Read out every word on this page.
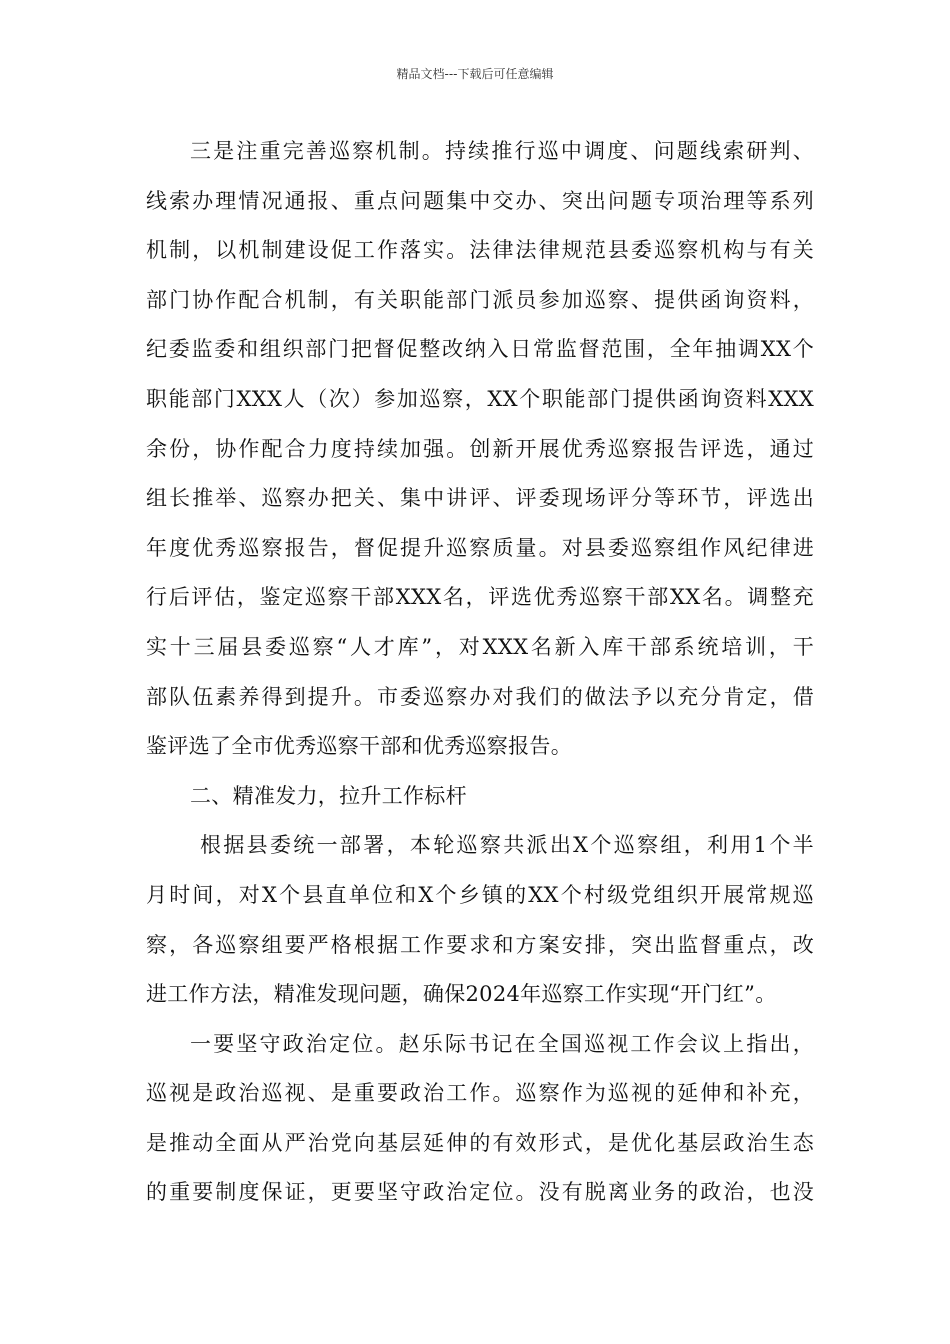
精品文档---下载后可任意编辑
三是注重完善巡察机制。持续推行巡中调度、问题线索研判、
线索办理情况通报、重点问题集中交办、突出问题专项治理等系列
机制，以机制建设促工作落实。法律法律规范县委巡察机构与有关
部门协作配合机制，有关职能部门派员参加巡察、提供函询资料，
纪委监委和组织部门把督促整改纳入日常监督范围，全年抽调XX个
职能部门XXX人（次）参加巡察，XX个职能部门提供函询资料XXX
余份，协作配合力度持续加强。创新开展优秀巡察报告评选，通过
组长推举、巡察办把关、集中讲评、评委现场评分等环节，评选出
年度优秀巡察报告，督促提升巡察质量。对县委巡察组作风纪律进
行后评估，鉴定巡察干部XXX名，评选优秀巡察干部XX名。调整充
实十三届县委巡察“人才库”，对XXX名新入库干部系统培训，干
部队伍素养得到提升。市委巡察办对我们的做法予以充分肯定，借
鉴评选了全市优秀巡察干部和优秀巡察报告。
二、精准发力，拉升工作标杆
根据县委统一部署，本轮巡察共派出X个巡察组，利用1个半
月时间，对X个县直单位和X个乡镇的XX个村级党组织开展常规巡
察，各巡察组要严格根据工作要求和方案安排，突出监督重点，改
进工作方法，精准发现问题，确保2024年巡察工作实现“开门红”。
一要坚守政治定位。赵乐际书记在全国巡视工作会议上指出，
巡视是政治巡视、是重要政治工作。巡察作为巡视的延伸和补充，
是推动全面从严治党向基层延伸的有效形式，是优化基层政治生态
的重要制度保证，更要坚守政治定位。没有脱离业务的政治，也没
